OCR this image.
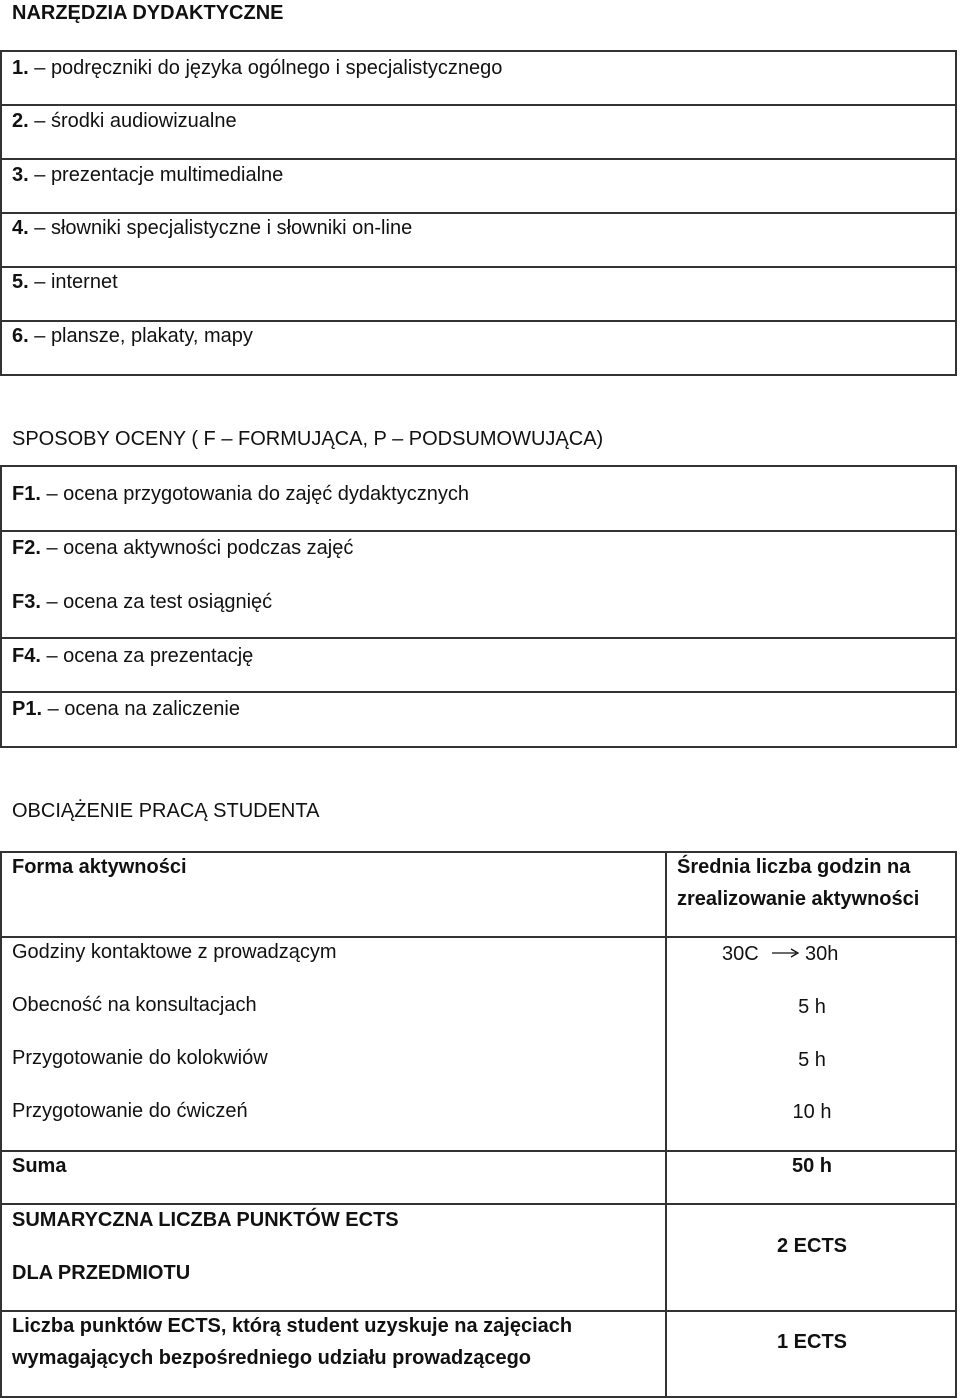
NARZĘDZIA DYDAKTYCZNE
1. – podręczniki do języka ogólnego i specjalistycznego
2. – środki audiowizualne
3. – prezentacje multimedialne
4. – słowniki specjalistyczne i słowniki on-line
5. – internet
6. – plansze, plakaty, mapy
SPOSOBY OCENY ( F – FORMUJĄCA, P – PODSUMOWUJĄCA)
F1. – ocena przygotowania do zajęć dydaktycznych
F2. – ocena aktywności podczas zajęć
F3. – ocena za test osiągnięć
F4. – ocena za prezentację
P1. – ocena na zaliczenie
OBCIĄŻENIE PRACĄ STUDENTA
Forma aktywności	Średnia liczba godzin na
zrealizowanie aktywności
Godziny kontaktowe z prowadzącym
Obecność na konsultacjach
Przygotowanie do kolokwiów
Przygotowanie do ćwiczeń
30C 30h
5 h
5 h
10 h
Suma	50 h
SUMARYCZNA LICZBA PUNKTÓW ECTS
DLA PRZEDMIOTU
2 ECTS
Liczba punktów ECTS, którą student uzyskuje na zajęciach
wymagających bezpośredniego udziału prowadzącego
1 ECTS
